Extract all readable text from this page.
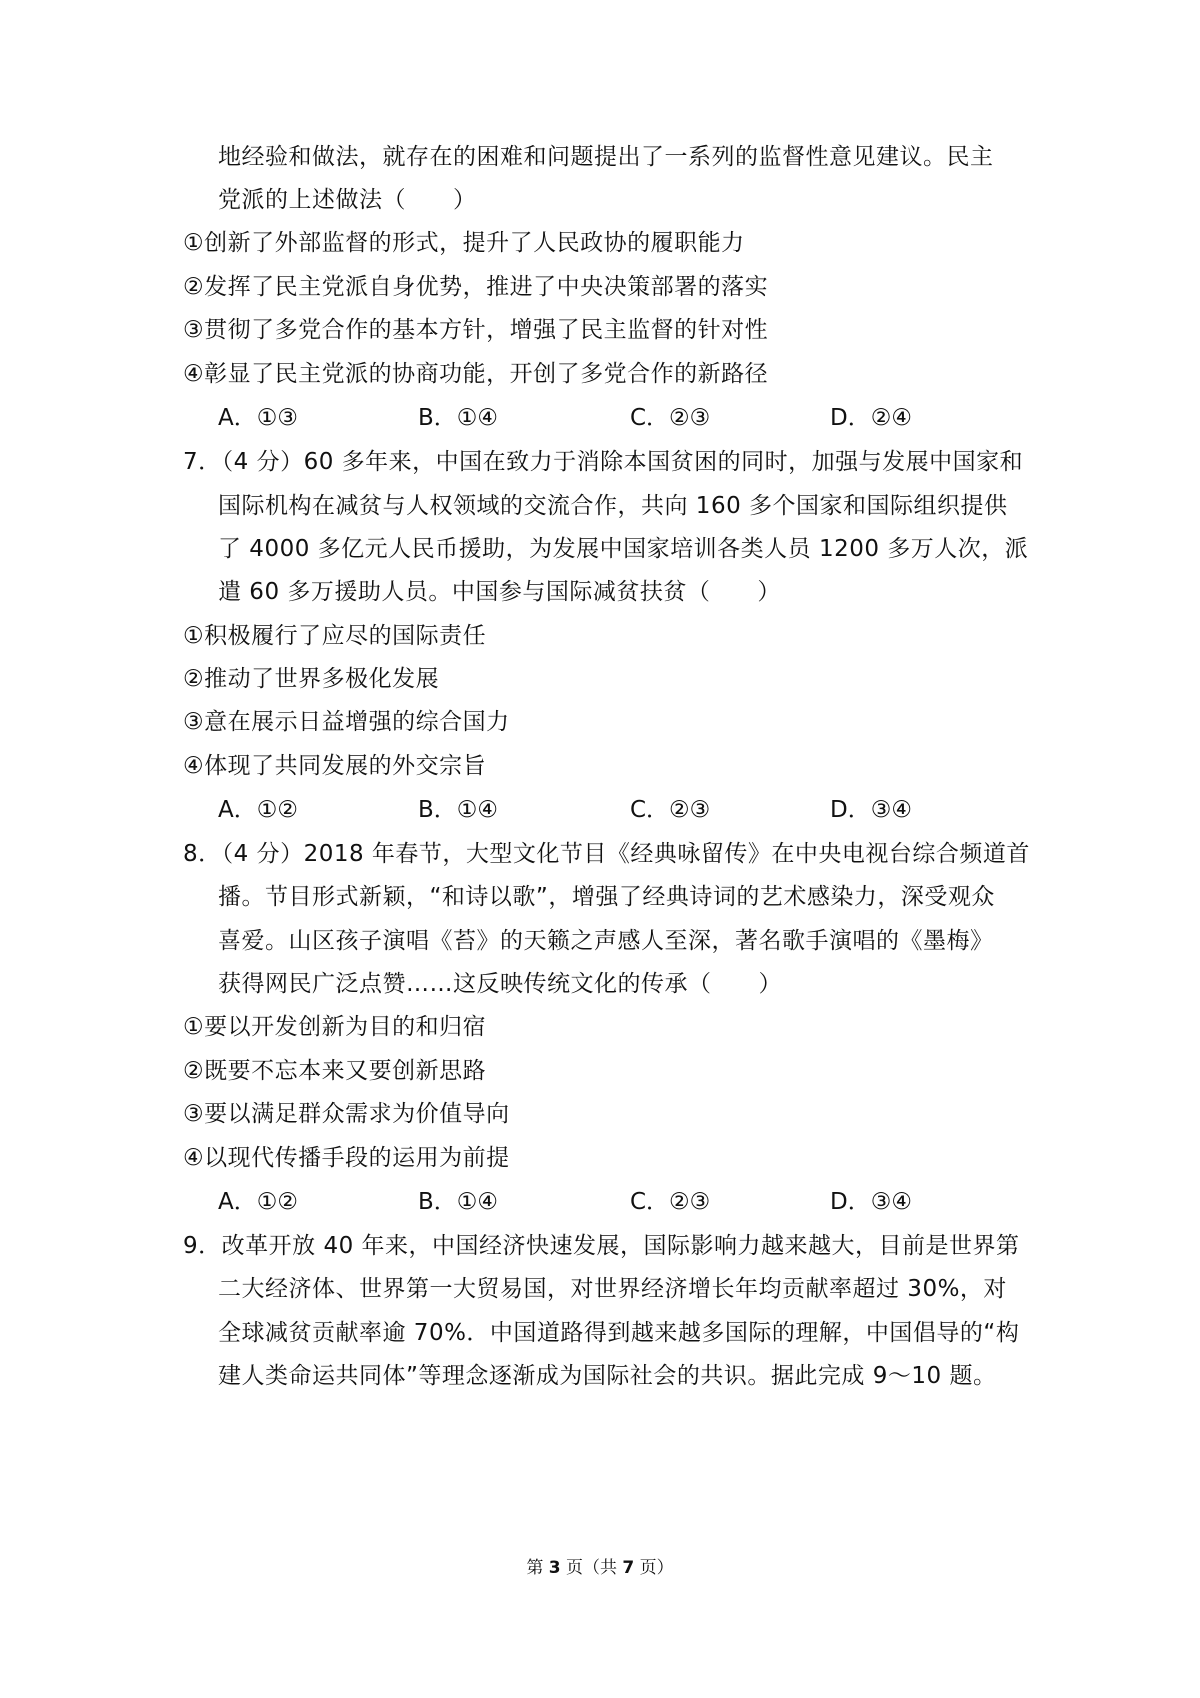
地经验和做法，就存在的困难和问题提出了一系列的监督性意见建议。民主
党派的上述做法（　　）
①创新了外部监督的形式，提升了人民政协的履职能力
②发挥了民主党派自身优势，推进了中央决策部署的落实
③贯彻了多党合作的基本方针，增强了民主监督的针对性
④彰显了民主党派的协商功能，开创了多党合作的新路径
A．①③	B．①④	C．②③	D．②④
7．（4 分）60 多年来，中国在致力于消除本国贫困的同时，加强与发展中国家和
国际机构在减贫与人权领域的交流合作，共向 160 多个国家和国际组织提供
了 4000 多亿元人民币援助，为发展中国家培训各类人员 1200 多万人次，派
遣 60 多万援助人员。中国参与国际减贫扶贫（　　）
①积极履行了应尽的国际责任
②推动了世界多极化发展
③意在展示日益增强的综合国力
④体现了共同发展的外交宗旨
A．①②	B．①④	C．②③	D．③④
8．（4 分）2018 年春节，大型文化节目《经典咏留传》在中央电视台综合频道首
播。节目形式新颖，“和诗以歌”，增强了经典诗词的艺术感染力，深受观众
喜爱。山区孩子演唱《苔》的天籁之声感人至深，著名歌手演唱的《墨梅》
获得网民广泛点赞……这反映传统文化的传承（　　）
①要以开发创新为目的和归宿
②既要不忘本来又要创新思路
③要以满足群众需求为价值导向
④以现代传播手段的运用为前提
A．①②	B．①④	C．②③	D．③④
9．改革开放 40 年来，中国经济快速发展，国际影响力越来越大，目前是世界第
二大经济体、世界第一大贸易国，对世界经济增长年均贡献率超过 30%，对
全球减贫贡献率逾 70%．中国道路得到越来越多国际的理解，中国倡导的“构
建人类命运共同体”等理念逐渐成为国际社会的共识。据此完成 9～10 题。
第 3 页（共 7 页）
